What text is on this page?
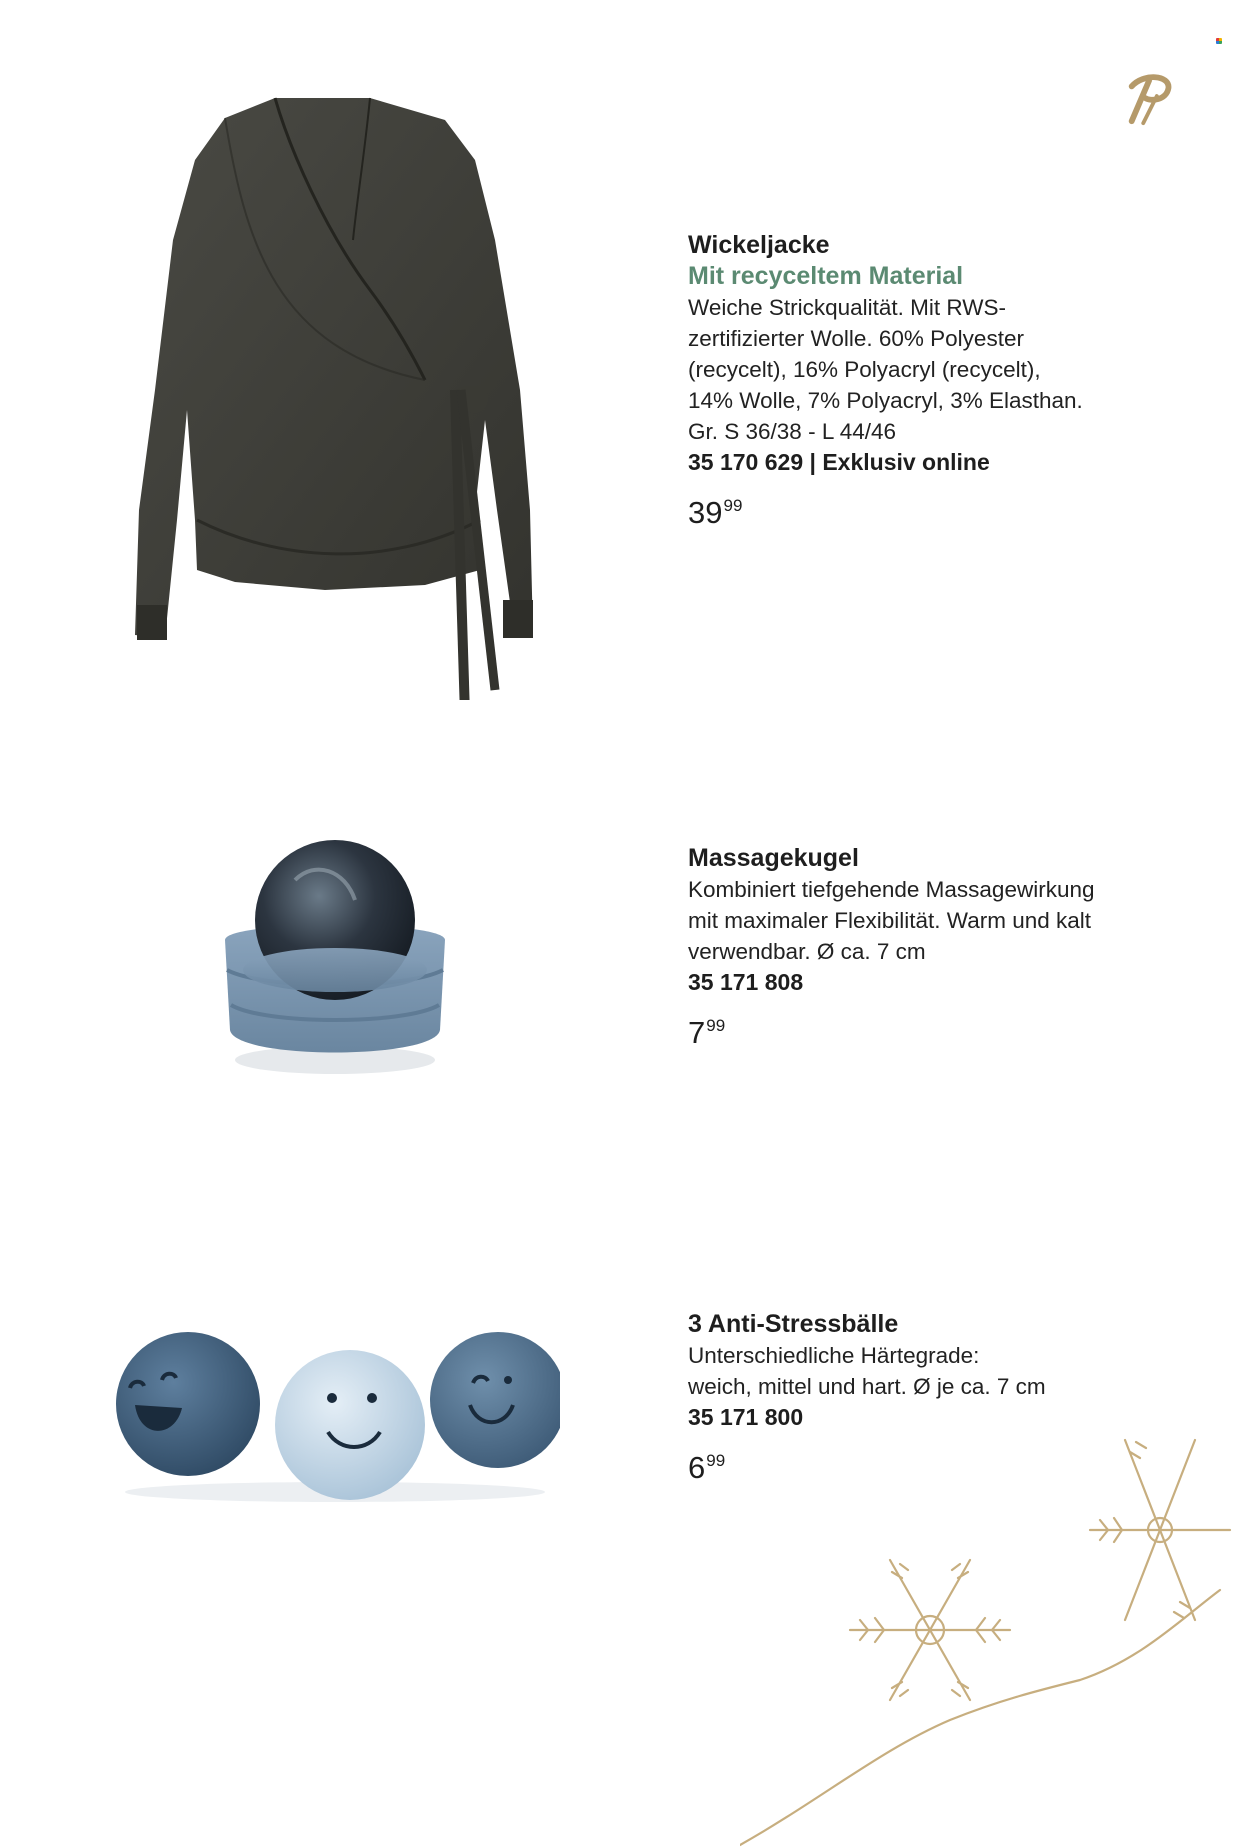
Wickeljacke

Mit recyceltem Material

Weiche Strickqualität. Mit RWS-

zertifizierter Wolle. 60% Polyester

(recycelt), 16% Polyacryl (recycelt),

14% Wolle, 7% Polyacryl, 3% Elasthan.

Gr. S 36/38 - L 44/46

35 170 629 | Exklusiv online

3999

Massagekugel

Kombiniert tiefgehende Massagewirkung

mit maximaler Flexibilität. Warm und kalt

verwendbar. Ø ca. 7 cm

35 171 808

799

3 Anti-Stressbälle

Unterschiedliche Härtegrade:

weich, mittel und hart. Ø je ca. 7 cm

35 171 800

699
